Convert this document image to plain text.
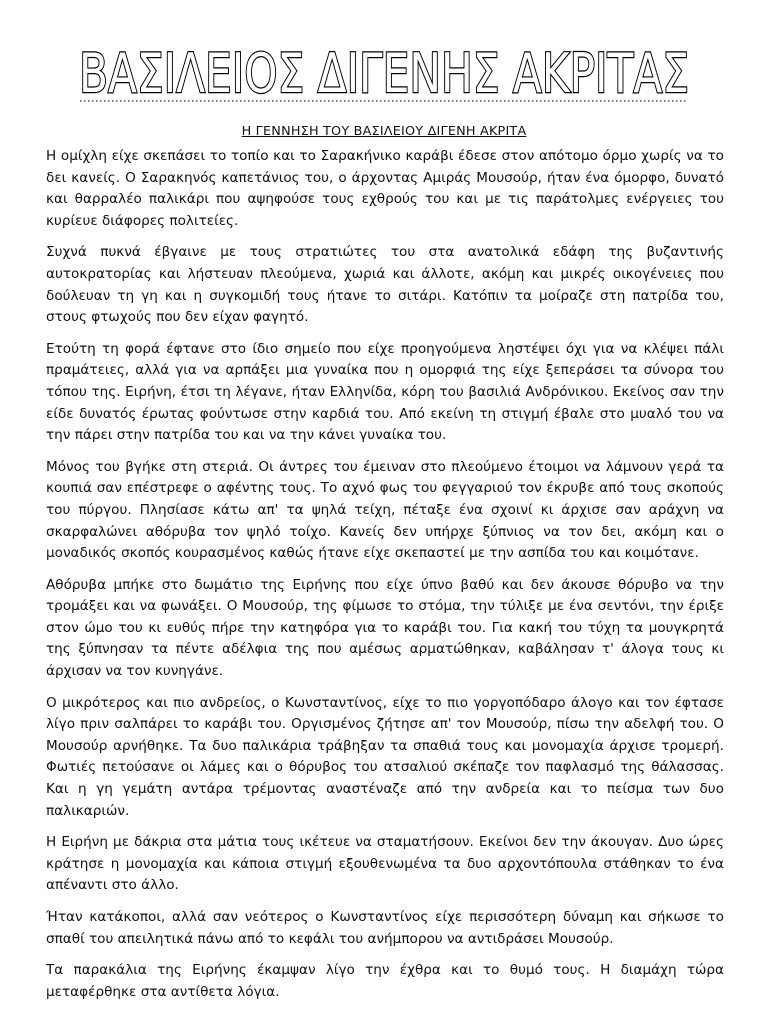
ΒΑΣΙΛΕΙΟΣ ΔΙΓΕΝΗΣ ΑΚΡΙΤΑΣ
Η ΓΕΝΝΗΣΗ ΤΟΥ ΒΑΣΙΛΕΙΟΥ ΔΙΓΕΝΗ ΑΚΡΙΤΑ

Η ομίχλη είχε σκεπάσει το τοπίο και το Σαρακήνικο καράβι έδεσε στον απότομο όρμο χωρίς να το δει κανείς. Ο Σαρακηνός καπετάνιος του, ο άρχοντας Αμιράς Μουσούρ, ήταν ένα όμορφο, δυνατό και θαρραλέο παλικάρι που αψηφούσε τους εχθρούς του και με τις παράτολμες ενέργειες του κυρίευε διάφορες πολιτείες.

Συχνά πυκνά έβγαινε με τους στρατιώτες του στα ανατολικά εδάφη της βυζαντινής αυτοκρατορίας και λήστευαν πλεούμενα, χωριά και άλλοτε, ακόμη και μικρές οικογένειες που δούλευαν τη γη και η συγκομιδή τους ήτανε το σιτάρι. Κατόπιν τα μοίραζε στη πατρίδα του, στους φτωχούς που δεν είχαν φαγητό.

Ετούτη τη φορά έφτανε στο ίδιο σημείο που είχε προηγούμενα ληστέψει όχι για να κλέψει πάλι πραμάτειες, αλλά για να αρπάξει μια γυναίκα που η ομορφιά της είχε ξεπεράσει τα σύνορα του τόπου της. Ειρήνη, έτσι τη λέγανε, ήταν Ελληνίδα, κόρη του βασιλιά Ανδρόνικου. Εκείνος σαν την είδε δυνατός έρωτας φούντωσε στην καρδιά του. Από εκείνη τη στιγμή έβαλε στο μυαλό του να την πάρει στην πατρίδα του και να την κάνει γυναίκα του.

Μόνος του βγήκε στη στεριά. Οι άντρες του έμειναν στο πλεούμενο έτοιμοι να λάμνουν γερά τα κουπιά σαν επέστρεφε ο αφέντης τους. Το αχνό φως του φεγγαριού τον έκρυβε από τους σκοπούς του πύργου. Πλησίασε κάτω απ' τα ψηλά τείχη, πέταξε ένα σχοινί κι άρχισε σαν αράχνη να σκαρφαλώνει αθόρυβα τον ψηλό τοίχο. Κανείς δεν υπήρχε ξύπνιος να τον δει, ακόμη και ο μοναδικός σκοπός κουρασμένος καθώς ήτανε είχε σκεπαστεί με την ασπίδα του και κοιμότανε.

Αθόρυβα μπήκε στο δωμάτιο της Ειρήνης που είχε ύπνο βαθύ και δεν άκουσε θόρυβο να την τρομάξει και να φωνάξει. Ο Μουσούρ, της φίμωσε το στόμα, την τύλιξε με ένα σεντόνι, την έριξε στον ώμο του κι ευθύς πήρε την κατηφόρα για το καράβι του. Για κακή του τύχη τα μουγκρητά της ξύπνησαν τα πέντε αδέλφια της που αμέσως αρματώθηκαν, καβάλησαν τ' άλογα τους κι άρχισαν να τον κυνηγάνε.

Ο μικρότερος και πιο ανδρείος, ο Κωνσταντίνος, είχε το πιο γοργοπόδαρο άλογο και τον έφτασε λίγο πριν σαλπάρει το καράβι του. Οργισμένος ζήτησε απ' τον Μουσούρ, πίσω την αδελφή του. Ο Μουσούρ αρνήθηκε. Τα δυο παλικάρια τράβηξαν τα σπαθιά τους και μονομαχία άρχισε τρομερή. Φωτιές πετούσανε οι λάμες και ο θόρυβος του ατσαλιού σκέπαζε τον παφλασμό της θάλασσας. Και η γη γεμάτη αντάρα τρέμοντας αναστέναζε από την ανδρεία και το πείσμα των δυο παλικαριών.

Η Ειρήνη με δάκρια στα μάτια τους ικέτευε να σταματήσουν. Εκείνοι δεν την άκουγαν. Δυο ώρες κράτησε η μονομαχία και κάποια στιγμή εξουθενωμένα τα δυο αρχοντόπουλα στάθηκαν το ένα απέναντι στο άλλο.

Ήταν κατάκοποι, αλλά σαν νεότερος ο Κωνσταντίνος είχε περισσότερη δύναμη και σήκωσε το σπαθί του απειλητικά πάνω από το κεφάλι του ανήμπορου να αντιδράσει Μουσούρ.

Τα παρακάλια της Ειρήνης έκαμψαν λίγο την έχθρα και το θυμό τους. Η διαμάχη τώρα μεταφέρθηκε στα αντίθετα λόγια.
